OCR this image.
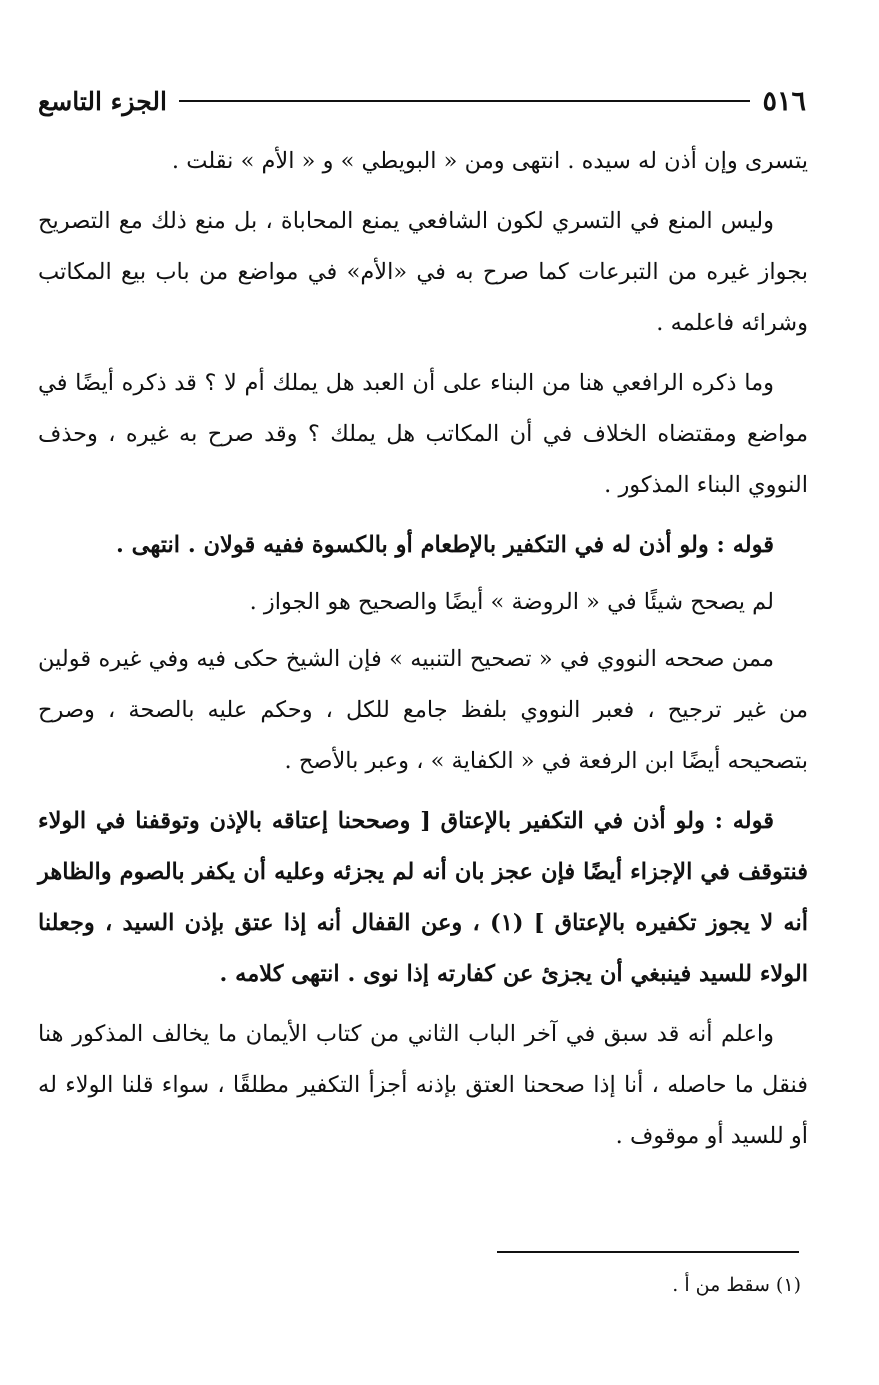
٥١٦
الجزء التاسع

يتسرى وإن أذن له سيده . انتهى ومن « البويطي » و « الأم » نقلت .

وليس المنع في التسري لكون الشافعي يمنع المحاباة ، بل منع ذلك مع التصريح بجواز غيره من التبرعات كما صرح به في «الأم» في مواضع من باب بيع المكاتب وشرائه فاعلمه .

وما ذكره الرافعي هنا من البناء على أن العبد هل يملك أم لا ؟ قد ذكره أيضًا في مواضع ومقتضاه الخلاف في أن المكاتب هل يملك ؟ وقد صرح به غيره ، وحذف النووي البناء المذكور .

قوله : ولو أذن له في التكفير بالإطعام أو بالكسوة ففيه قولان . انتهى .

لم يصحح شيئًا في « الروضة » أيضًا والصحيح هو الجواز .

ممن صححه النووي في « تصحيح التنبيه » فإن الشيخ حكى فيه وفي غيره قولين من غير ترجيح ، فعبر النووي بلفظ جامع للكل ، وحكم عليه بالصحة ، وصرح بتصحيحه أيضًا ابن الرفعة في « الكفاية » ، وعبر بالأصح .

قوله : ولو أذن في التكفير بالإعتاق [ وصححنا إعتاقه بالإذن وتوقفنا في الولاء فنتوقف في الإجزاء أيضًا فإن عجز بان أنه لم يجزئه وعليه أن يكفر بالصوم والظاهر أنه لا يجوز تكفيره بالإعتاق ] (١) ، وعن القفال أنه إذا عتق بإذن السيد ، وجعلنا الولاء للسيد فينبغي أن يجزئ عن كفارته إذا نوى . انتهى كلامه .

واعلم أنه قد سبق في آخر الباب الثاني من كتاب الأيمان ما يخالف المذكور هنا فنقل ما حاصله ، أنا إذا صححنا العتق بإذنه أجزأ التكفير مطلقًا ، سواء قلنا الولاء له أو للسيد أو موقوف .

(١) سقط من أ .
